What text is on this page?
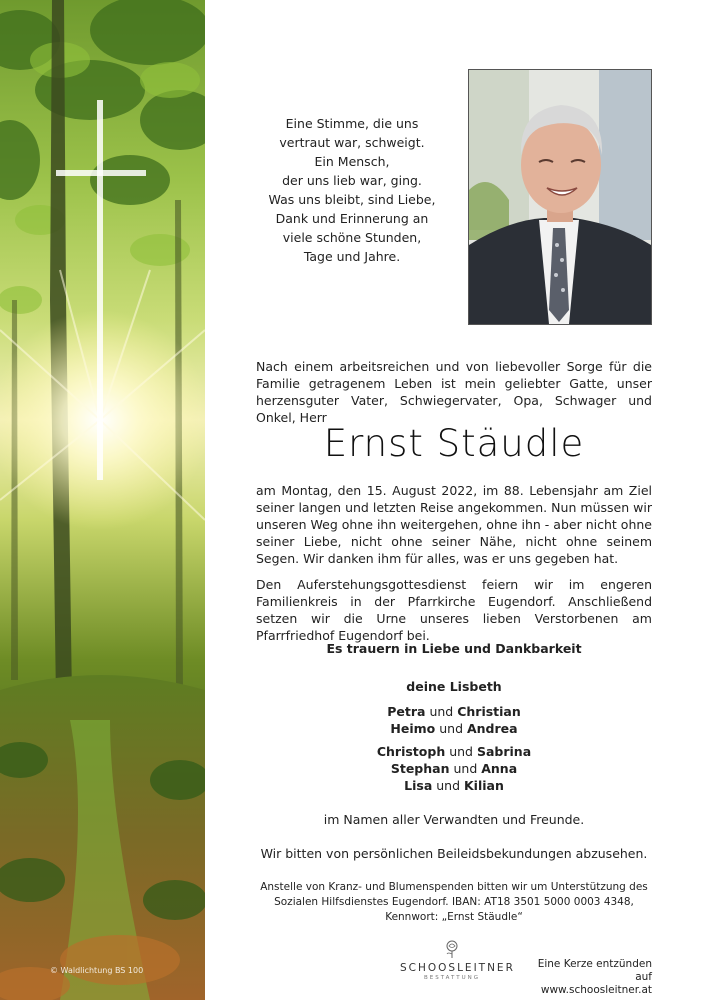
© Waldlichtung BS 100
Eine Stimme, die uns
vertraut war, schweigt.
Ein Mensch,
der uns lieb war, ging.
Was uns bleibt, sind Liebe,
Dank und Erinnerung an
viele schöne Stunden,
Tage und Jahre.
Nach einem arbeitsreichen und von liebevoller Sorge für die Familie getragenem Leben ist mein geliebter Gatte, unser herzensguter Vater, Schwiegervater, Opa, Schwager und Onkel, Herr
Ernst Stäudle
am Montag, den 15. August 2022, im 88. Lebensjahr am Ziel seiner langen und letzten Reise angekommen. Nun müssen wir unseren Weg ohne ihn weitergehen, ohne ihn - aber nicht ohne seiner Liebe, nicht ohne seiner Nähe, nicht ohne seinem Segen. Wir danken ihm für alles, was er uns gegeben hat.
Den Auferstehungsgottesdienst feiern wir im engeren Familienkreis in der Pfarrkirche Eugendorf. Anschließend setzen wir die Urne unseres lieben Verstorbenen am Pfarrfriedhof Eugendorf bei.
Es trauern in Liebe und Dankbarkeit
deine Lisbeth
Petra und Christian
Heimo und Andrea
Christoph und Sabrina
Stephan und Anna
Lisa und Kilian
im Namen aller Verwandten und Freunde.
Wir bitten von persönlichen Beileidsbekundungen abzusehen.
Anstelle von Kranz- und Blumenspenden bitten wir um Unterstützung des
Sozialen Hilfsdienstes Eugendorf. IBAN: AT18 3501 5000 0003 4348,
Kennwort: „Ernst Stäudle“
SCHOOSLEITNER
BESTATTUNG
Eine Kerze entzünden auf
www.schoosleitner.at
